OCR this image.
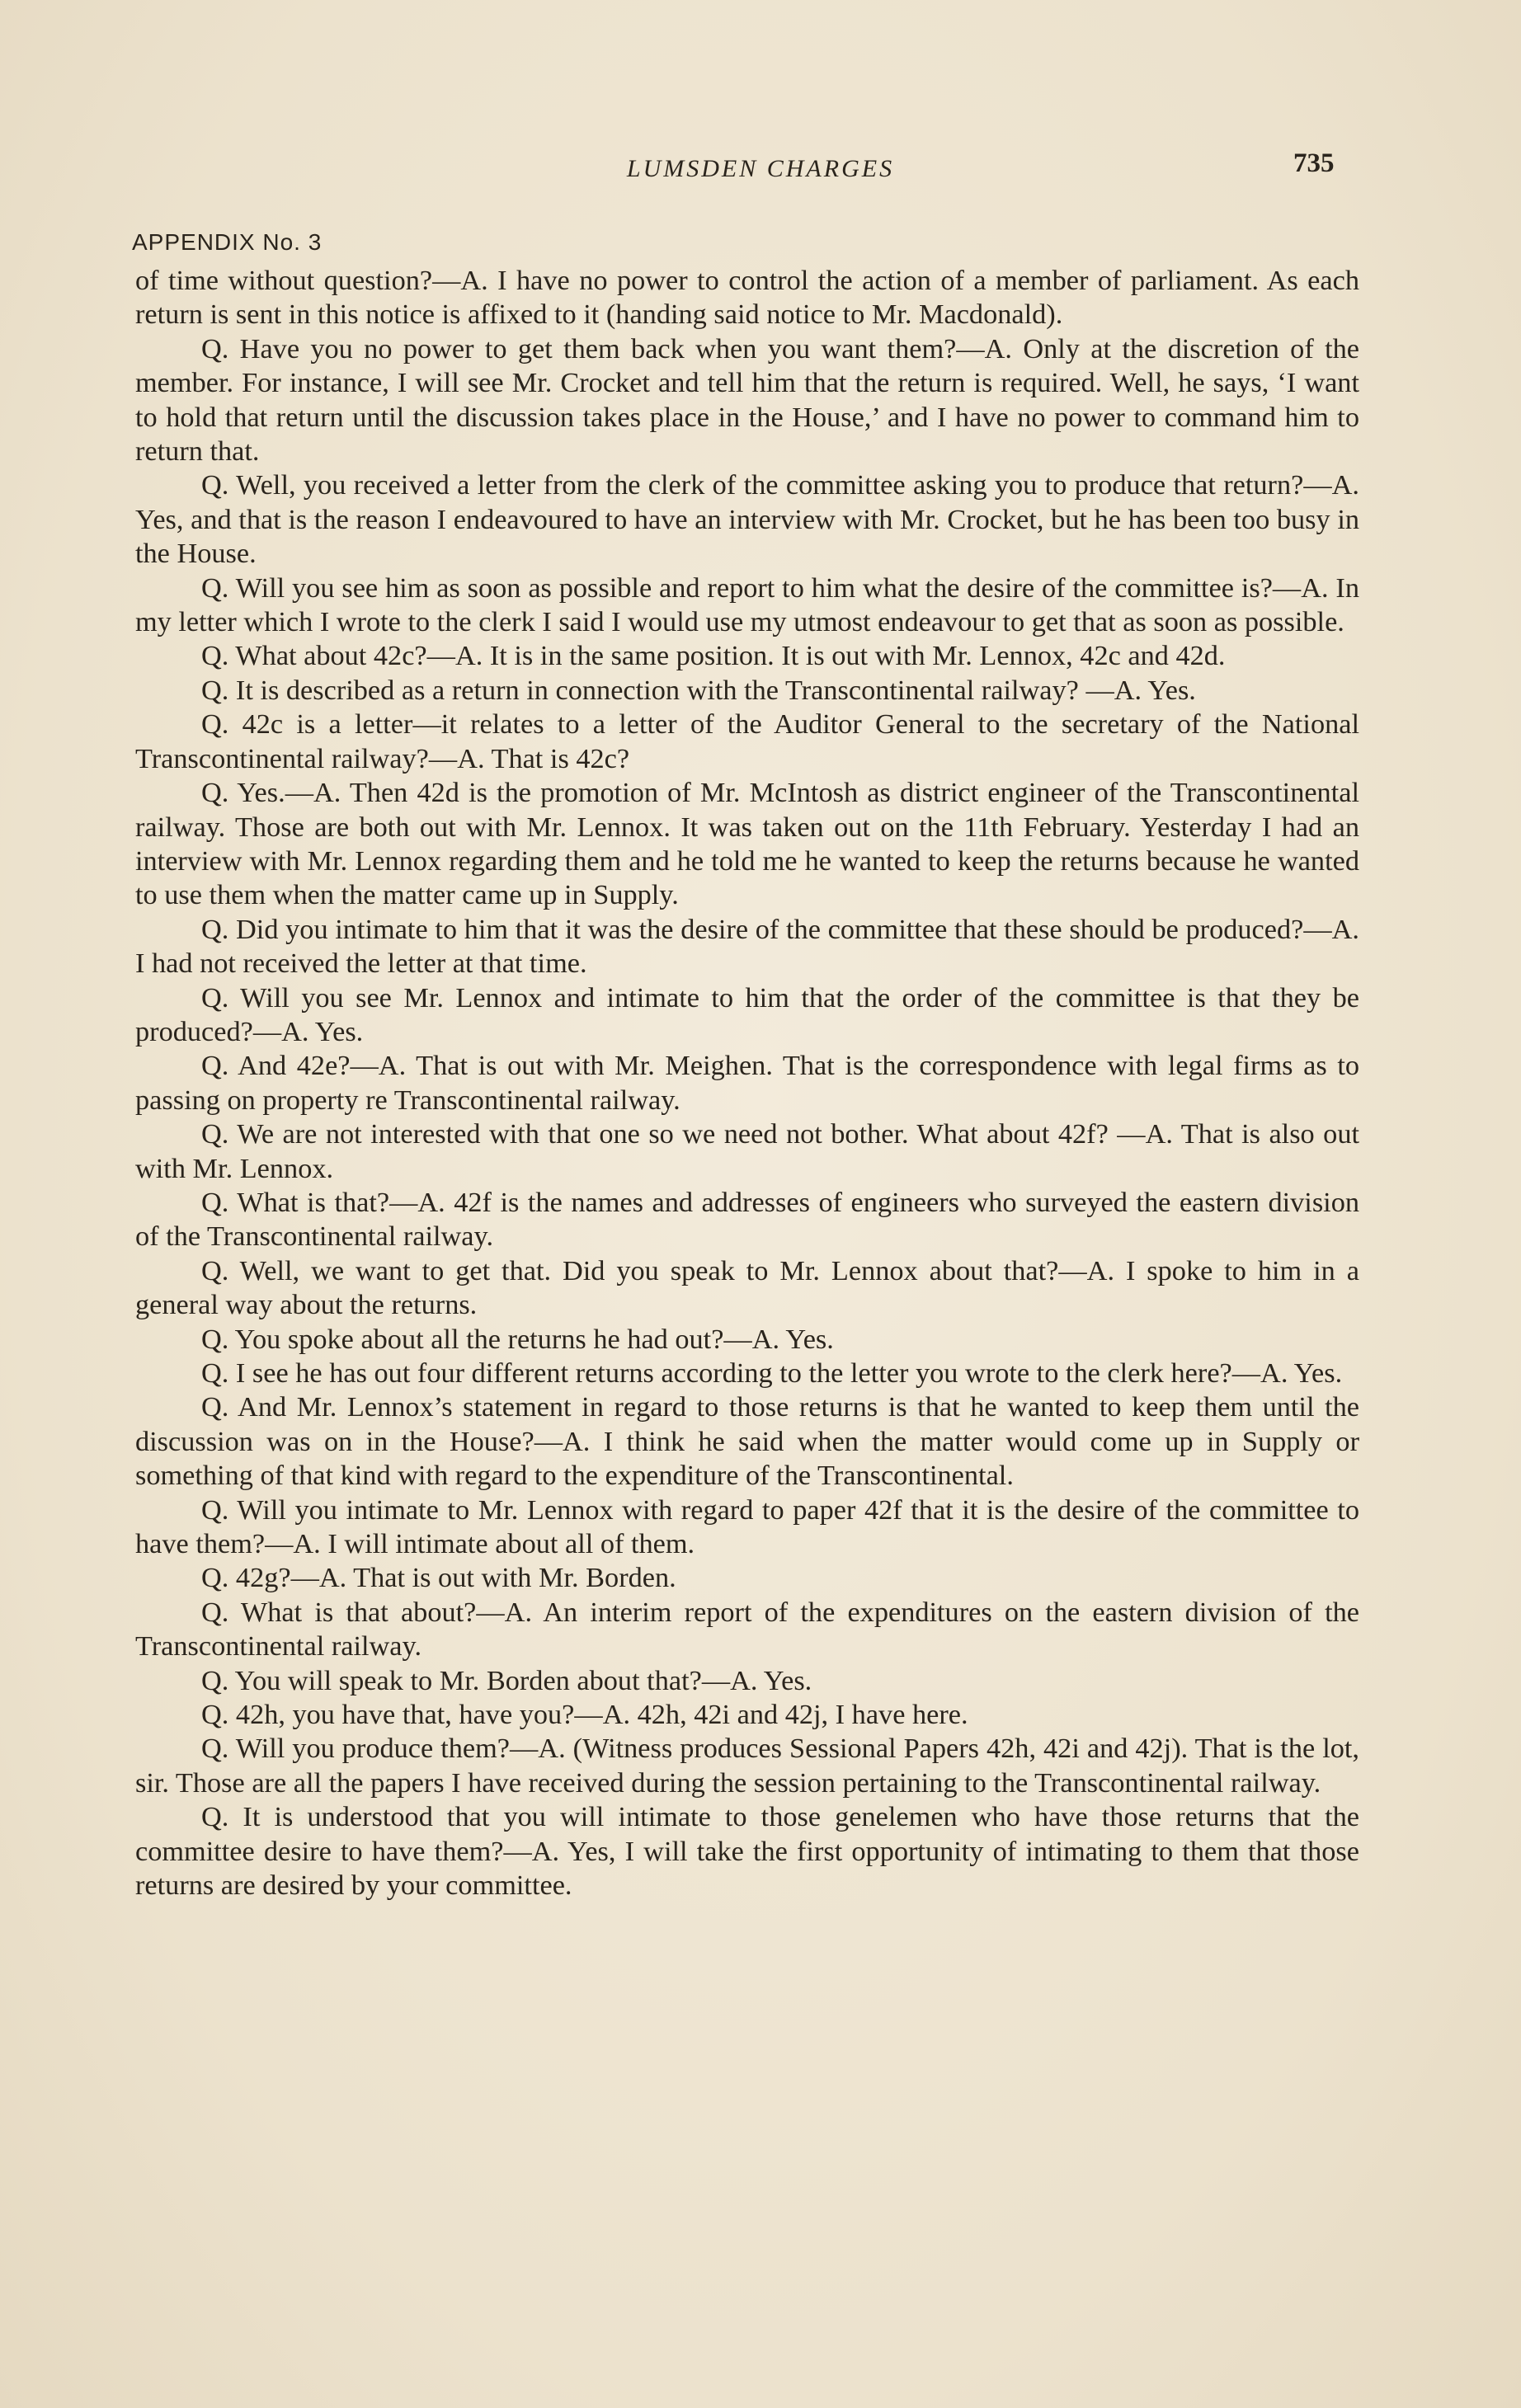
LUMSDEN CHARGES	735
APPENDIX No. 3

of time without question?—A. I have no power to control the action of a member of parliament. As each return is sent in this notice is affixed to it (handing said notice to Mr. Macdonald).

Q. Have you no power to get them back when you want them?—A. Only at the discretion of the member. For instance, I will see Mr. Crocket and tell him that the return is required. Well, he says, ‘I want to hold that return until the discussion takes place in the House,’ and I have no power to command him to return that.

Q. Well, you received a letter from the clerk of the committee asking you to produce that return?—A. Yes, and that is the reason I endeavoured to have an interview with Mr. Crocket, but he has been too busy in the House.

Q. Will you see him as soon as possible and report to him what the desire of the committee is?—A. In my letter which I wrote to the clerk I said I would use my utmost endeavour to get that as soon as possible.

Q. What about 42c?—A. It is in the same position. It is out with Mr. Lennox, 42c and 42d.

Q. It is described as a return in connection with the Transcontinental railway? —A. Yes.

Q. 42c is a letter—it relates to a letter of the Auditor General to the secretary of the National Transcontinental railway?—A. That is 42c?

Q. Yes.—A. Then 42d is the promotion of Mr. McIntosh as district engineer of the Transcontinental railway. Those are both out with Mr. Lennox. It was taken out on the 11th February. Yesterday I had an interview with Mr. Lennox regarding them and he told me he wanted to keep the returns because he wanted to use them when the matter came up in Supply.

Q. Did you intimate to him that it was the desire of the committee that these should be produced?—A. I had not received the letter at that time.

Q. Will you see Mr. Lennox and intimate to him that the order of the committee is that they be produced?—A. Yes.

Q. And 42e?—A. That is out with Mr. Meighen. That is the correspondence with legal firms as to passing on property re Transcontinental railway.

Q. We are not interested with that one so we need not bother. What about 42f? —A. That is also out with Mr. Lennox.

Q. What is that?—A. 42f is the names and addresses of engineers who surveyed the eastern division of the Transcontinental railway.

Q. Well, we want to get that. Did you speak to Mr. Lennox about that?—A. I spoke to him in a general way about the returns.

Q. You spoke about all the returns he had out?—A. Yes.

Q. I see he has out four different returns according to the letter you wrote to the clerk here?—A. Yes.

Q. And Mr. Lennox’s statement in regard to those returns is that he wanted to keep them until the discussion was on in the House?—A. I think he said when the matter would come up in Supply or something of that kind with regard to the expenditure of the Transcontinental.

Q. Will you intimate to Mr. Lennox with regard to paper 42f that it is the desire of the committee to have them?—A. I will intimate about all of them.

Q. 42g?—A. That is out with Mr. Borden.

Q. What is that about?—A. An interim report of the expenditures on the eastern division of the Transcontinental railway.

Q. You will speak to Mr. Borden about that?—A. Yes.

Q. 42h, you have that, have you?—A. 42h, 42i and 42j, I have here.

Q. Will you produce them?—A. (Witness produces Sessional Papers 42h, 42i and 42j). That is the lot, sir. Those are all the papers I have received during the session pertaining to the Transcontinental railway.

Q. It is understood that you will intimate to those genelemen who have those returns that the committee desire to have them?—A. Yes, I will take the first opportunity of intimating to them that those returns are desired by your committee.
